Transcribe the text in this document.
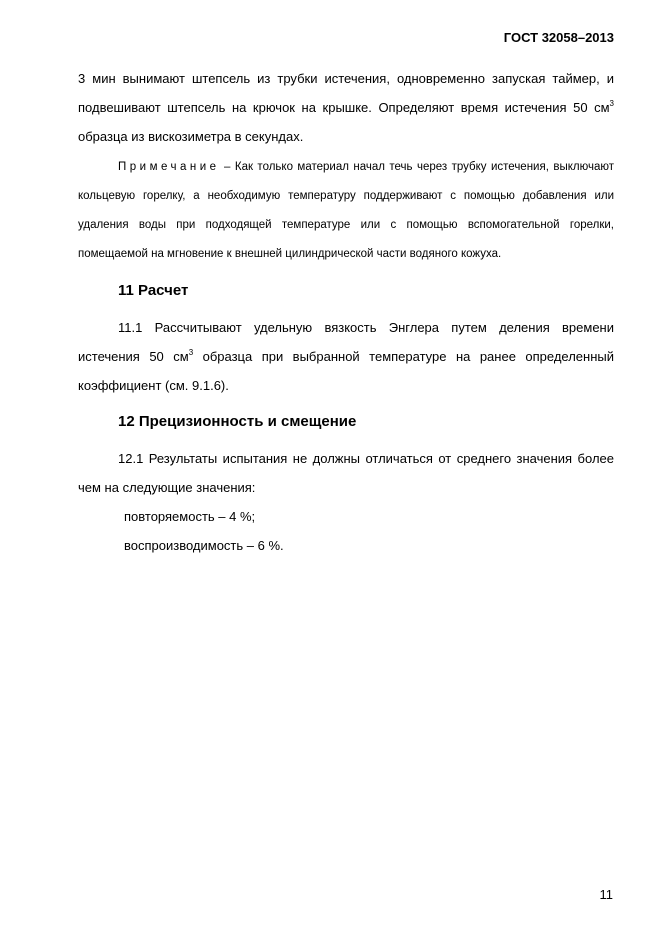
ГОСТ 32058–2013

3 мин вынимают штепсель из трубки истечения, одновременно запуская таймер, и подвешивают штепсель на крючок на крышке. Определяют время истечения 50 $см^3$ образца из вискозиметра в секундах.

Примечание – Как только материал начал течь через трубку истечения, выключают кольцевую горелку, а необходимую температуру поддерживают с помощью добавления или удаления воды при подходящей температуре или с помощью вспомогательной горелки, помещаемой на мгновение к внешней цилиндрической части водяного кожуха.

11 Расчет

11.1 Рассчитывают удельную вязкость Энглера путем деления времени истечения 50 $см^3$ образца при выбранной температуре на ранее определенный коэффициент (см. 9.1.6).

12 Прецизионность и смещение

12.1 Результаты испытания не должны отличаться от среднего значения более чем на следующие значения:

повторяемость – 4 %;

воспроизводимость – 6 %.

11
